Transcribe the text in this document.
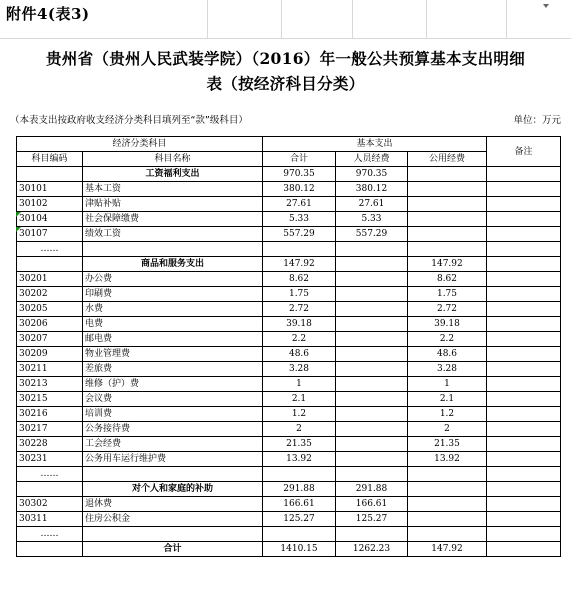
附件4(表3)
贵州省（贵州人民武装学院）（2016）年一般公共预算基本支出明细
表（按经济科目分类）
（本表支出按政府收支经济分类科目填列至“款”级科目）	单位：万元
经济分类科目		基本支出			备注
科目编码	科目名称	合计	人员经费	公用经费	
	工资福利支出	970.35	970.35		
30101	基本工资	380.12	380.12		
30102	津贴补贴	27.61	27.61		
30104	社会保障缴费	5.33	5.33		
30107	绩效工资	557.29	557.29		
……					
	商品和服务支出	147.92		147.92	
30201	办公费	8.62		8.62	
30202	印刷费	1.75		1.75	
30205	水费	2.72		2.72	
30206	电费	39.18		39.18	
30207	邮电费	2.2		2.2	
30209	物业管理费	48.6		48.6	
30211	差旅费	3.28		3.28	
30213	维修（护）费	1		1	
30215	会议费	2.1		2.1	
30216	培训费	1.2		1.2	
30217	公务接待费	2		2	
30228	工会经费	21.35		21.35	
30231	公务用车运行维护费	13.92		13.92	
……					
	对个人和家庭的补助	291.88	291.88		
30302	退休费	166.61	166.61		
30311	住房公积金	125.27	125.27		
……					
	合计	1410.15	1262.23	147.92	
